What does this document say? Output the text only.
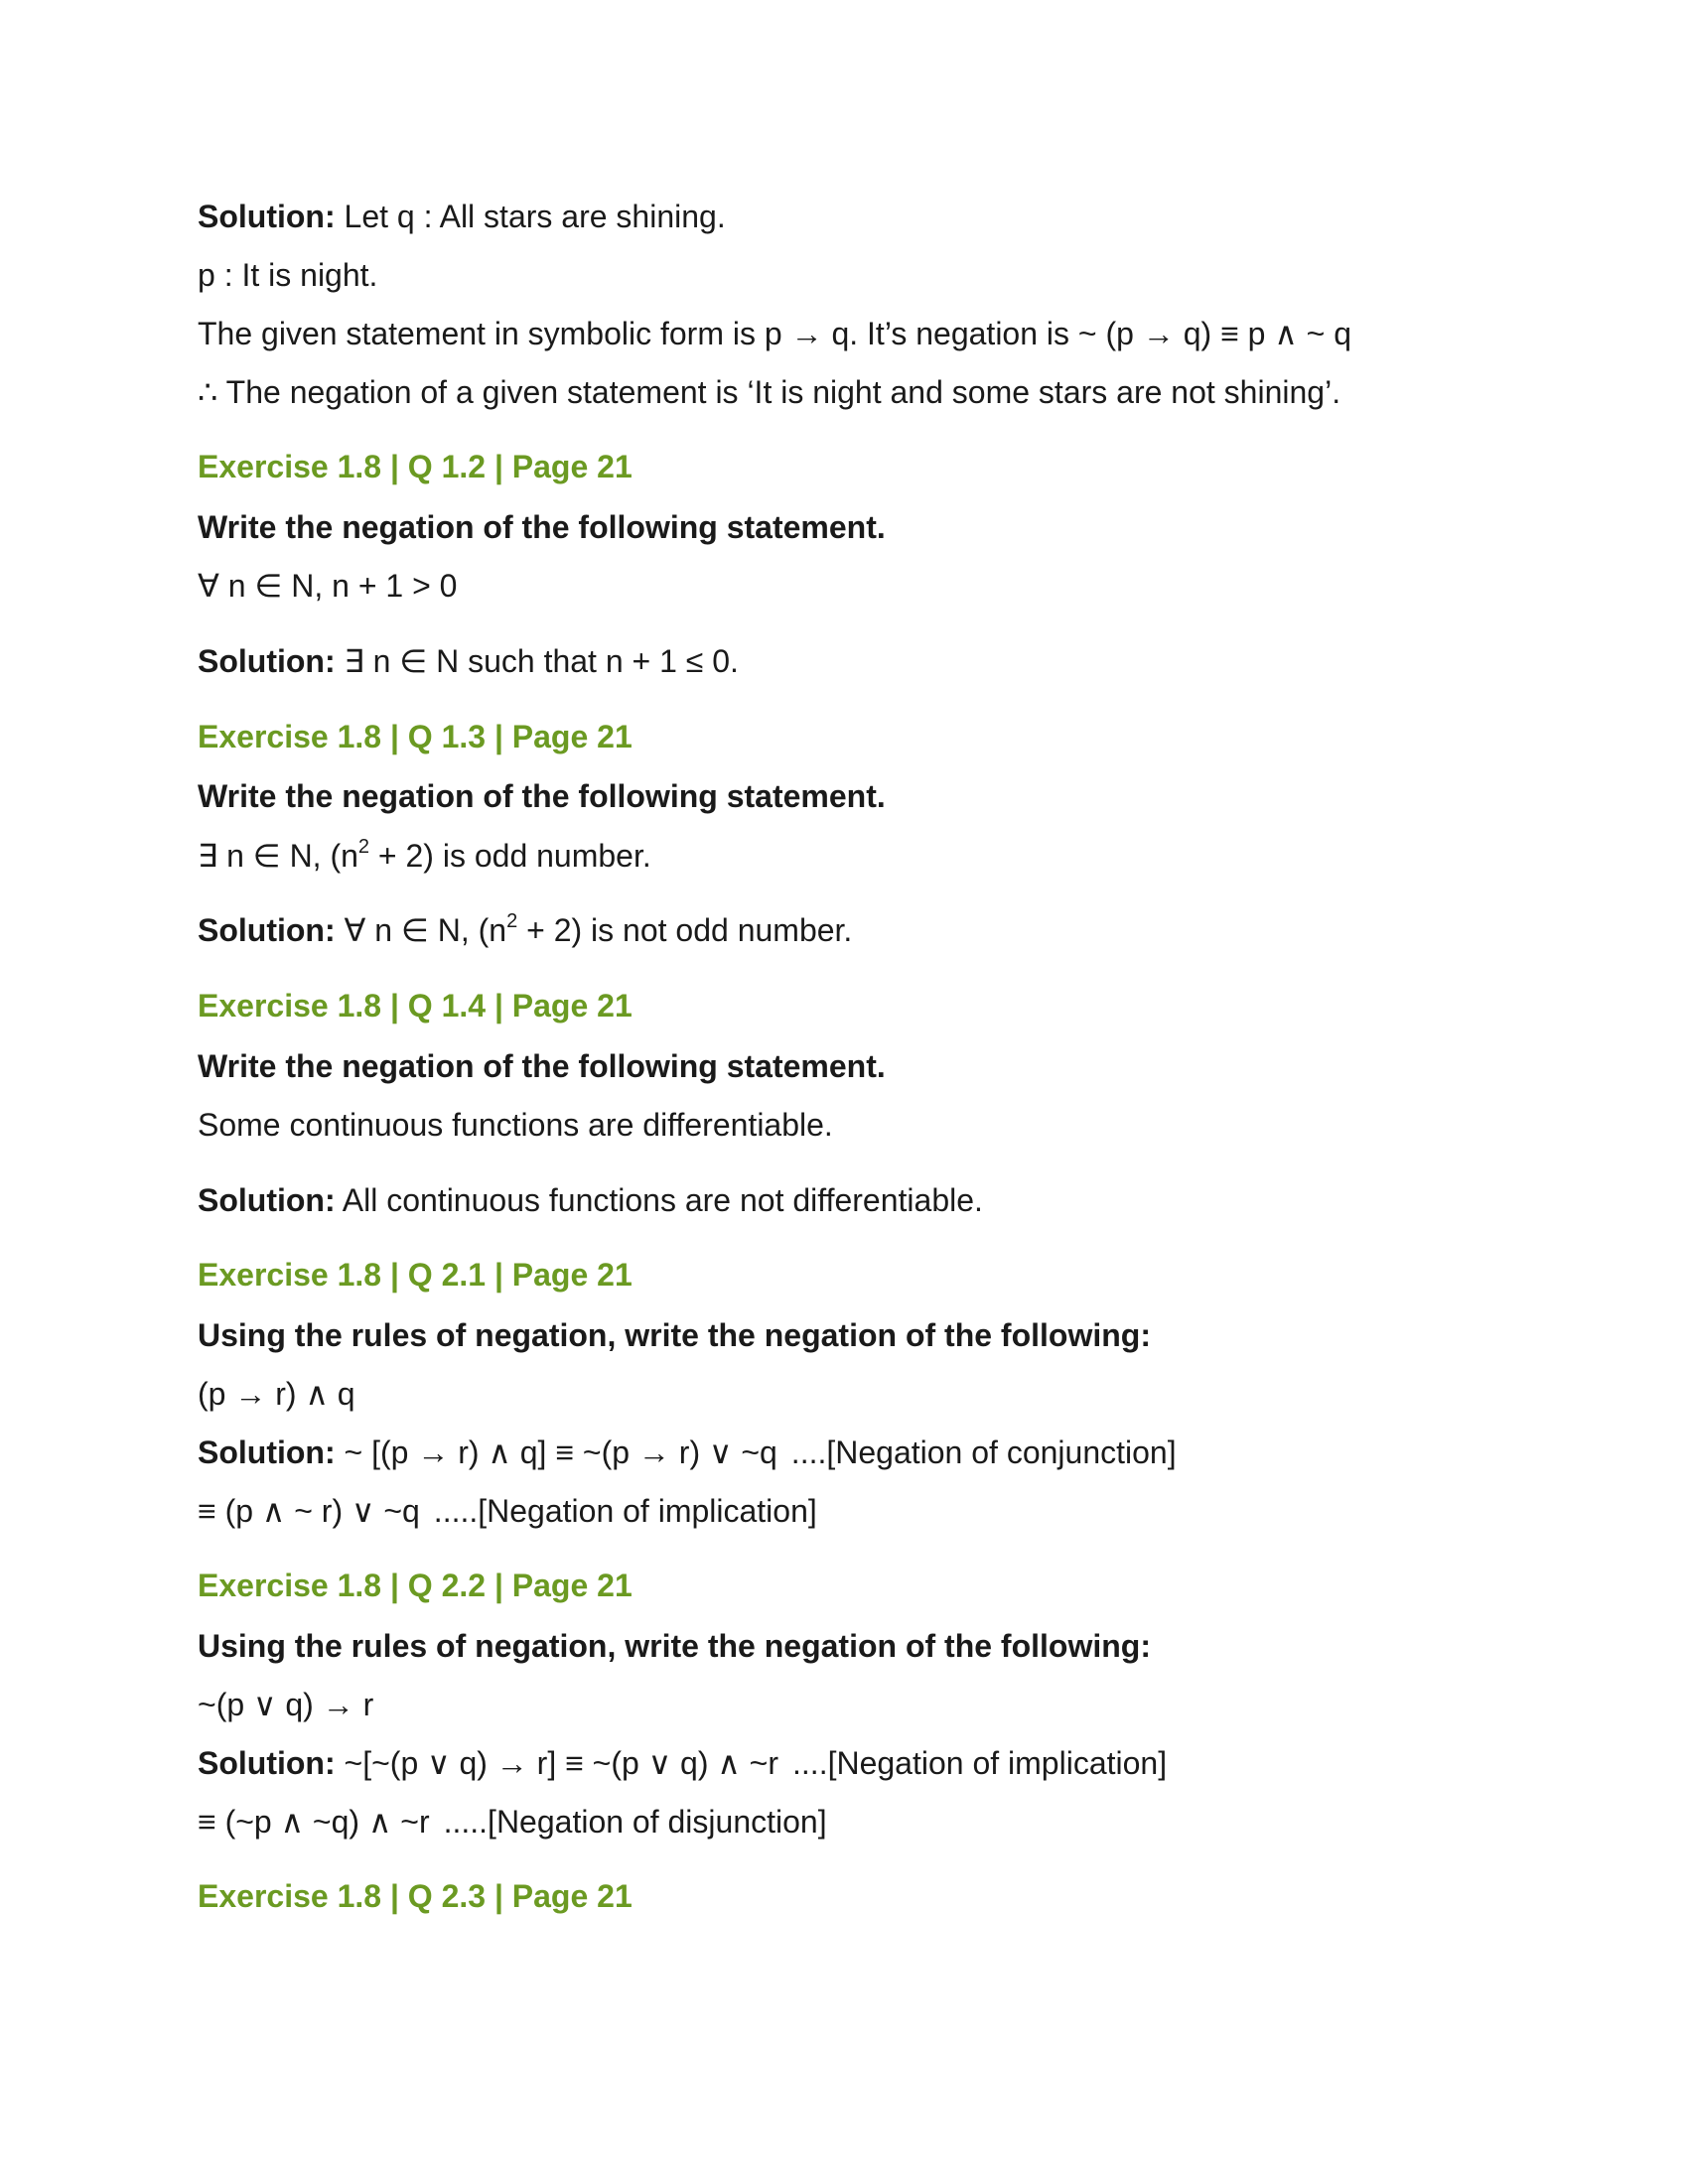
Solution: Let q : All stars are shining.
p : It is night.
The given statement in symbolic form is p → q. It’s negation is ~ (p → q) ≡ p ∧ ~ q
∴ The negation of a given statement is ‘It is night and some stars are not shining’.
Exercise 1.8 | Q 1.2 | Page 21
Write the negation of the following statement.
∀ n ∈ N, n + 1 > 0
Solution: ∃ n ∈ N such that n + 1 ≤ 0.
Exercise 1.8 | Q 1.3 | Page 21
Write the negation of the following statement.
∃ n ∈ N, $(n^2 + 2)$ is odd number.
Solution: ∀ n ∈ N, $(n^2 + 2)$ is not odd number.
Exercise 1.8 | Q 1.4 | Page 21
Write the negation of the following statement.
Some continuous functions are differentiable.
Solution: All continuous functions are not differentiable.
Exercise 1.8 | Q 2.1 | Page 21
Using the rules of negation, write the negation of the following:
(p → r) ∧ q
Solution: ~ [(p → r) ∧ q] ≡ ~(p → r) ∨ ~q ....[Negation of conjunction]
≡ (p ∧ ~ r) ∨ ~q .....[Negation of implication]
Exercise 1.8 | Q 2.2 | Page 21
Using the rules of negation, write the negation of the following:
~(p ∨ q) → r
Solution: ~[~(p ∨ q) → r] ≡ ~(p ∨ q) ∧ ~r ....[Negation of implication]
≡ (~p ∧ ~q) ∧ ~r .....[Negation of disjunction]
Exercise 1.8 | Q 2.3 | Page 21
